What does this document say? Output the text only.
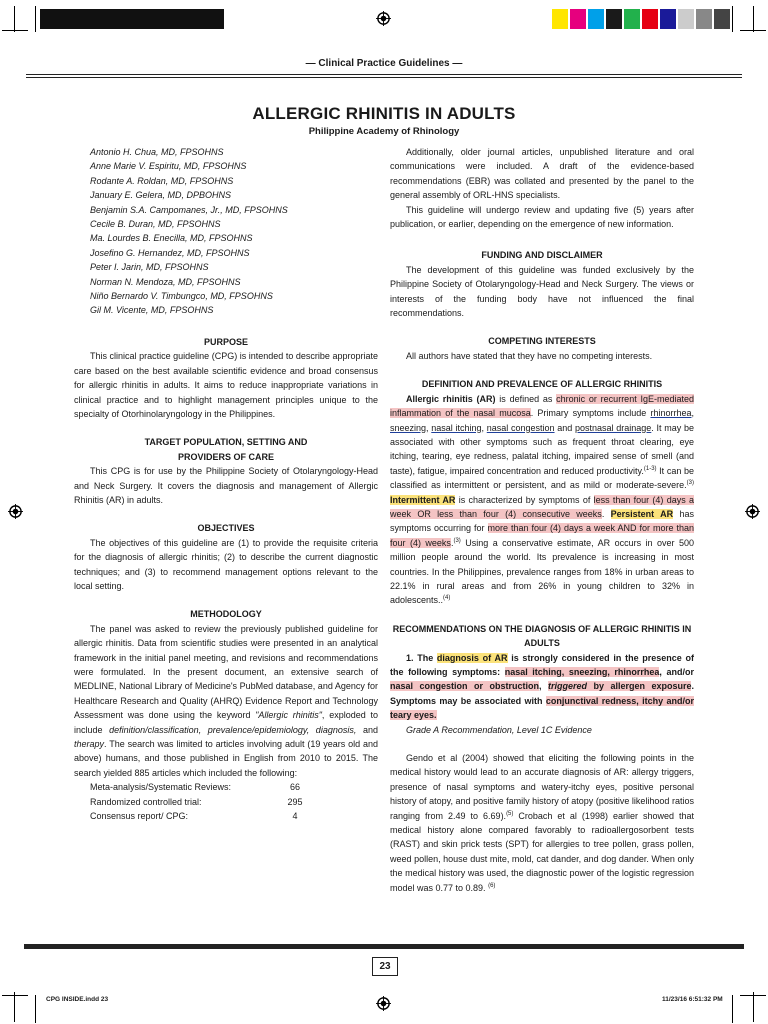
— Clinical Practice Guidelines —
ALLERGIC RHINITIS IN ADULTS
Philippine Academy of Rhinology
Antonio H. Chua, MD, FPSOHNS
Anne Marie V. Espiritu, MD, FPSOHNS
Rodante A. Roldan, MD, FPSOHNS
January E. Gelera, MD, DPBOHNS
Benjamin S.A. Campomanes, Jr., MD, FPSOHNS
Cecile B. Duran, MD, FPSOHNS
Ma. Lourdes B. Enecilla, MD, FPSOHNS
Josefino G. Hernandez, MD, FPSOHNS
Peter I. Jarin, MD, FPSOHNS
Norman N. Mendoza, MD, FPSOHNS
Niño Bernardo V. Timbungco, MD, FPSOHNS
Gil M. Vicente, MD, FPSOHNS
PURPOSE

This clinical practice guideline (CPG) is intended to describe appropriate care based on the best available scientific evidence and broad consensus for allergic rhinitis in adults. It aims to reduce inappropriate variations in clinical practice and to highlight management principles unique to the specialty of Otorhinolaryngology in the Philippines.

TARGET POPULATION, SETTING AND
PROVIDERS OF CARE

This CPG is for use by the Philippine Society of Otolaryngology-Head and Neck Surgery. It covers the diagnosis and management of Allergic Rhinitis (AR) in adults.

OBJECTIVES

The objectives of this guideline are (1) to provide the requisite criteria for the diagnosis of allergic rhinitis; (2) to describe the current diagnostic techniques; and (3) to recommend management options relevant to the local setting.

METHODOLOGY

The panel was asked to review the previously published guideline for allergic rhinitis. Data from scientific studies were presented in an analytical framework in the initial panel meeting, and revisions and recommendations were formulated. In the present document, an extensive search of MEDLINE, National Library of Medicine's PubMed database, and Agency for Healthcare Research and Quality (AHRQ) Evidence Report and Technology Assessment was done using the keyword "Allergic rhinitis", exploded to include definition/classification, prevalence/epidemiology, diagnosis, and therapy. The search was limited to articles involving adult (19 years old and above) humans, and those published in English from 2010 to 2015. The search yielded 885 articles which included the following:

Meta-analysis/Systematic Reviews:	66
Randomized controlled trial:	295
Consensus report/ CPG:	4

Additionally, older journal articles, unpublished literature and oral communications were included. A draft of the evidence-based recommendations (EBR) was collated and presented by the panel to the general assembly of ORL-HNS specialists.

This guideline will undergo review and updating five (5) years after publication, or earlier, depending on the emergence of new information.

FUNDING AND DISCLAIMER

The development of this guideline was funded exclusively by the Philippine Society of Otolaryngology-Head and Neck Surgery. The views or interests of the funding body have not influenced the final recommendations.

COMPETING INTERESTS

All authors have stated that they have no competing interests.

DEFINITION AND PREVALENCE OF ALLERGIC RHINITIS

Allergic rhinitis (AR) is defined as chronic or recurrent IgE-mediated inflammation of the nasal mucosa. Primary symptoms include rhinorrhea, sneezing, nasal itching, nasal congestion and postnasal drainage. It may be associated with other symptoms such as frequent throat clearing, eye itching, tearing, eye redness, palatal itching, impaired sense of smell (and taste), fatigue, impaired concentration and reduced productivity.$^{(1-3)}$ It can be classified as intermittent or persistent, and as mild or moderate-severe.$^{(3)}$ Intermittent AR is characterized by symptoms of less than four (4) days a week OR less than four (4) consecutive weeks. Persistent AR has symptoms occurring for more than four (4) days a week AND for more than four (4) weeks.$^{(3)}$ Using a conservative estimate, AR occurs in over 500 million people around the world. Its prevalence is increasing in most countries. In the Philippines, prevalence ranges from 18% in urban areas to 22.1% in rural areas and from 26% in young children to 32% in adolescents..$^{(4)}$

RECOMMENDATIONS ON THE DIAGNOSIS OF ALLERGIC RHINITIS IN ADULTS

1. The diagnosis of AR is strongly considered in the presence of the following symptoms: nasal itching, sneezing, rhinorrhea, and/or nasal congestion or obstruction, triggered by allergen exposure. Symptoms may be associated with conjunctival redness, itchy and/or teary eyes.

Grade A Recommendation, Level 1C Evidence

Gendo et al (2004) showed that eliciting the following points in the medical history would lead to an accurate diagnosis of AR: allergy triggers, presence of nasal symptoms and watery-itchy eyes, positive personal history of atopy, and positive family history of atopy (positive likelihood ratios ranging from 2.49 to 6.69).$^{(5)}$ Crobach et al (1998) earlier showed that medical history alone compared favorably to radioallergosorbent tests (RAST) and skin prick tests (SPT) for allergies to tree pollen, grass pollen, weed pollen, house dust mite, mold, cat dander, and dog dander. When only the medical history was used, the diagnostic power of the logistic regression model was 0.77 to 0.89. $^{(6)}$

23
CPG INSIDE.indd 23	11/23/16 6:51:32 PM
